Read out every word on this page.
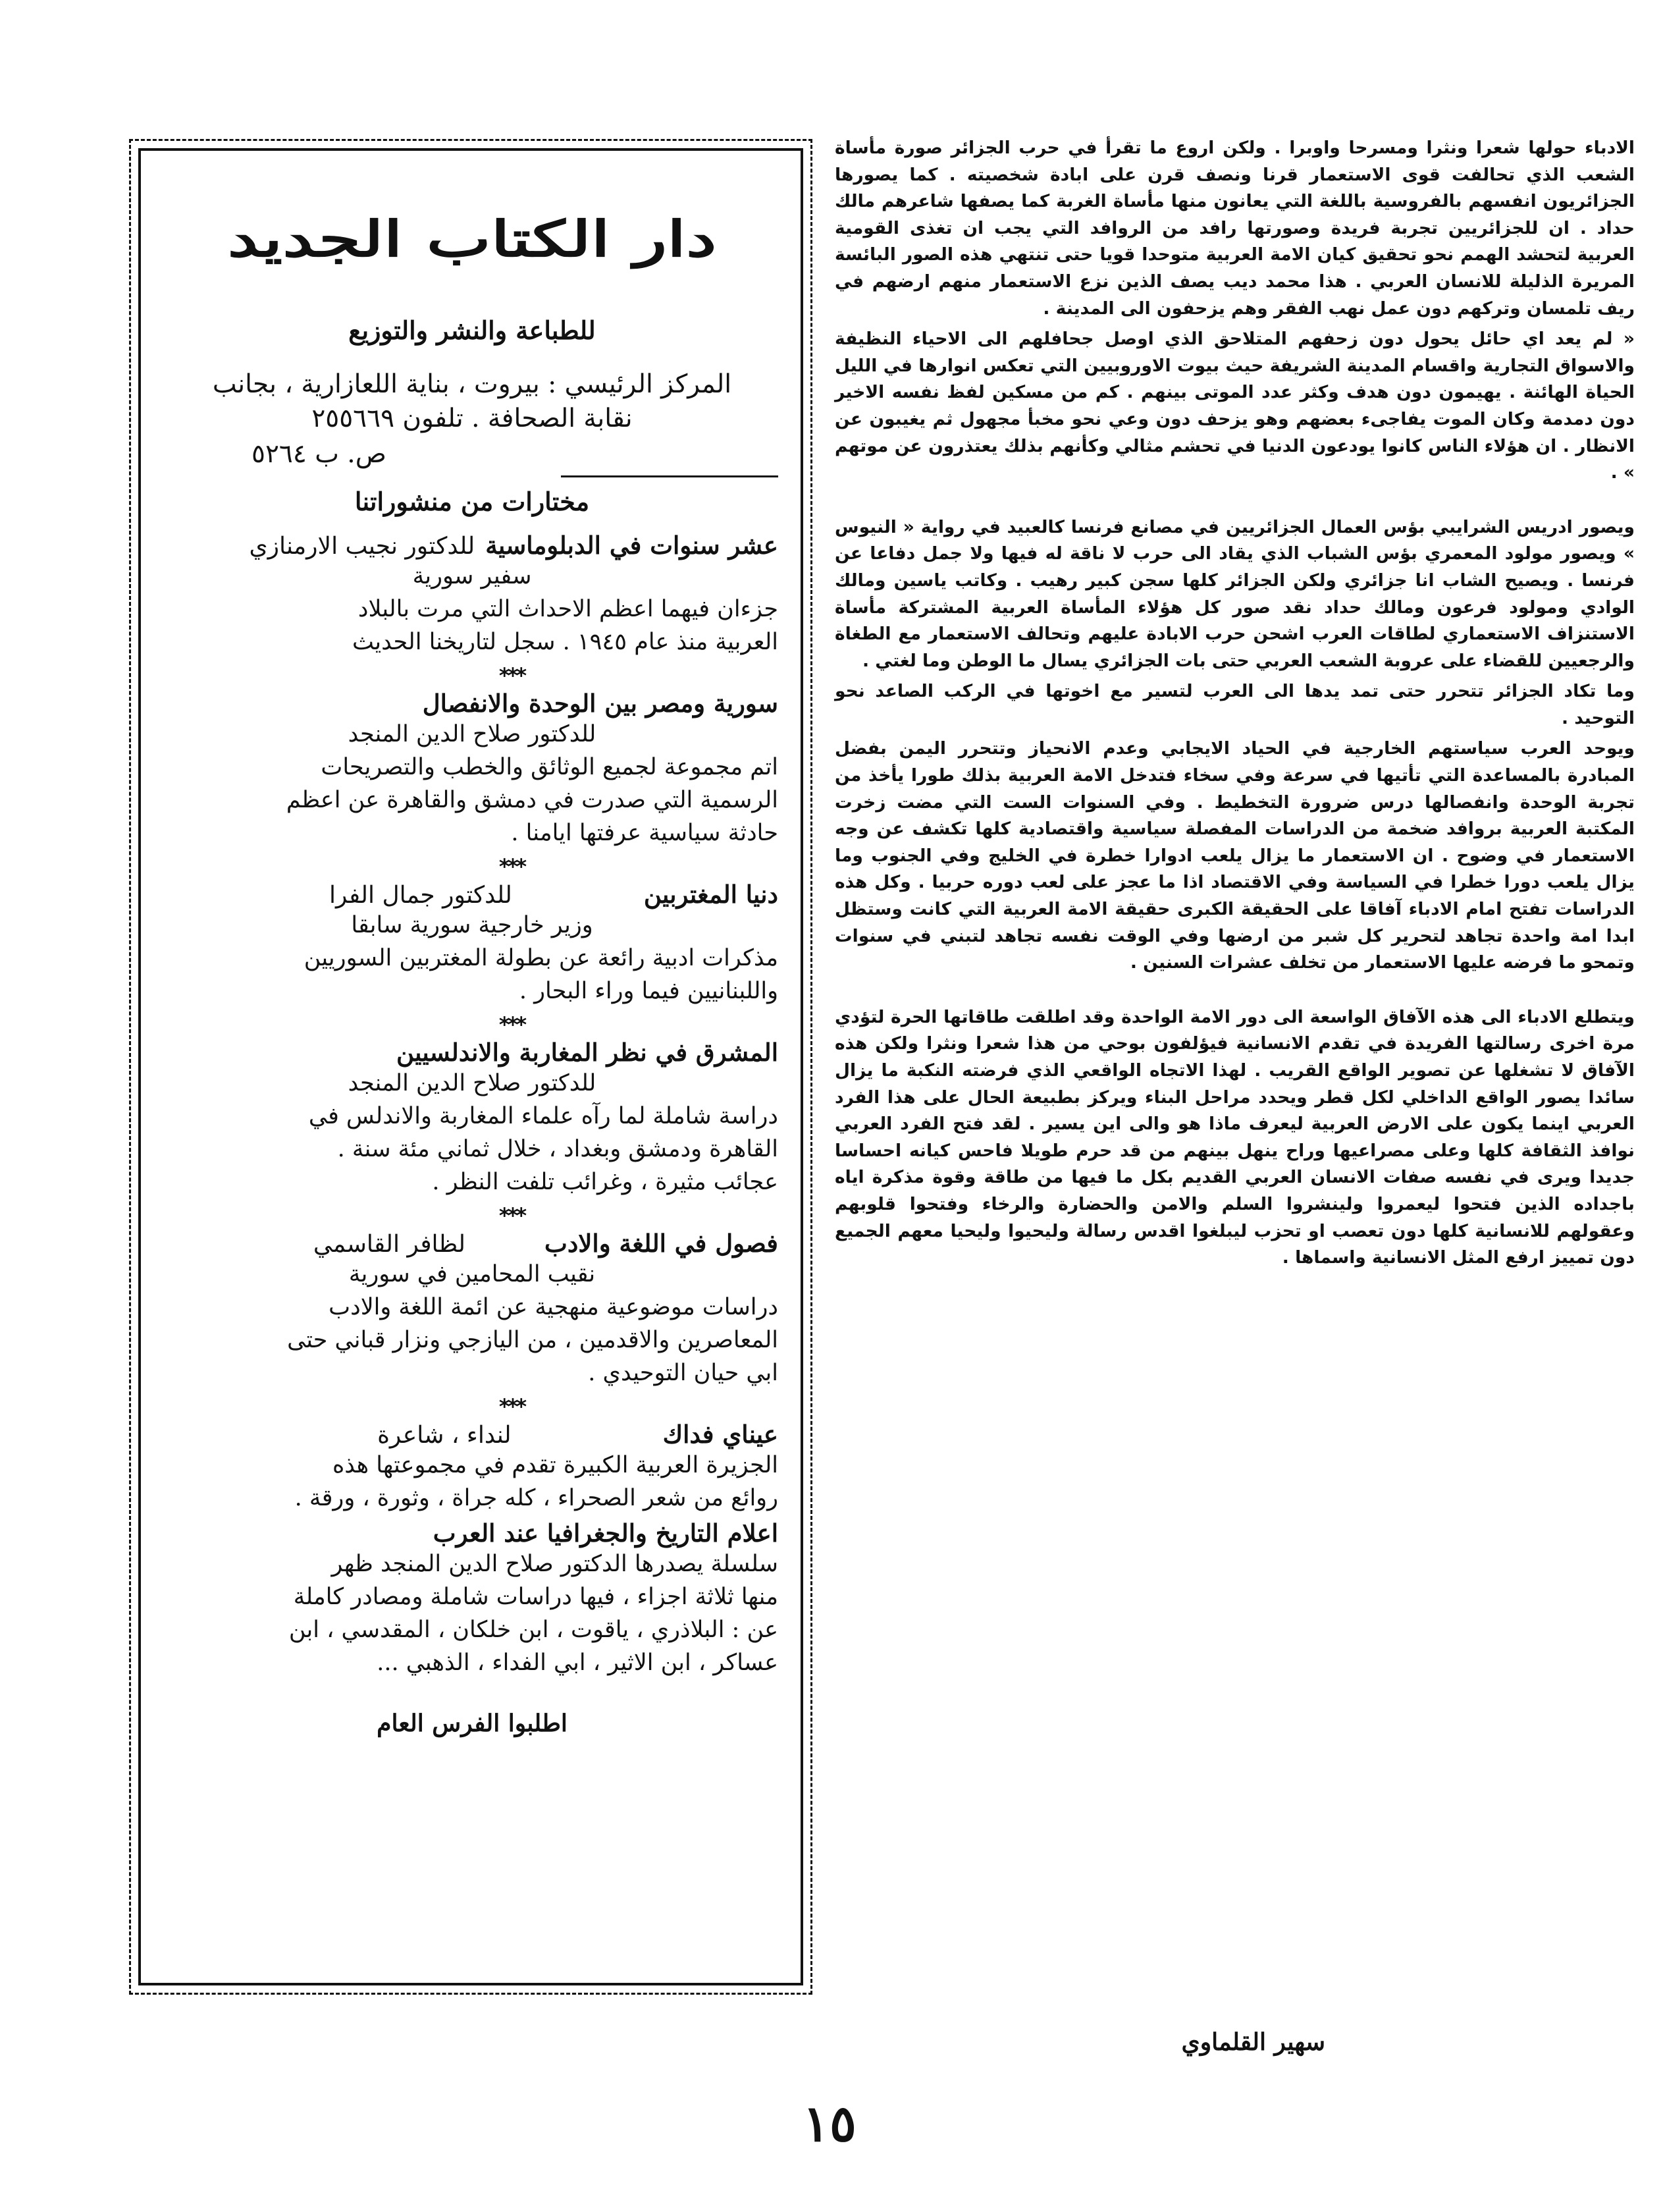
الادباء حولها شعرا ونثرا ومسرحا واوبرا . ولكن اروع ما تقرأ في حرب الجزائر صورة مأساة الشعب الذي تحالفت قوى الاستعمار قرنا ونصف قرن على ابادة شخصيته . كما يصورها الجزائريون انفسهم بالفروسية باللغة التي يعانون منها مأساة الغربة كما يصفها شاعرهم مالك حداد . ان للجزائريين تجربة فريدة وصورتها رافد من الروافد التي يجب ان تغذى القومية العربية لتحشد الهمم نحو تحقيق كيان الامة العربية متوحدا قويا حتى تنتهي هذه الصور البائسة المريرة الذليلة للانسان العربي . هذا محمد ديب يصف الذين نزع الاستعمار منهم ارضهم في ريف تلمسان وتركهم دون عمل نهب الفقر وهم يزحفون الى المدينة .

« لم يعد اي حائل يحول دون زحفهم المتلاحق الذي اوصل جحافلهم الى الاحياء النظيفة والاسواق التجارية واقسام المدينة الشريفة حيث بيوت الاوروبيين التي تعكس انوارها في الليل الحياة الهائنة . يهيمون دون هدف وكثر عدد الموتى بينهم . كم من مسكين لفظ نفسه الاخير دون دمدمة وكان الموت يفاجىء بعضهم وهو يزحف دون وعي نحو مخبأ مجهول ثم يغيبون عن الانظار . ان هؤلاء الناس كانوا يودعون الدنيا في تحشم مثالي وكأنهم بذلك يعتذرون عن موتهم » .

ويصور ادريس الشرايبي بؤس العمال الجزائريين في مصانع فرنسا كالعبيد في رواية « النيوس » ويصور مولود المعمري بؤس الشباب الذي يقاد الى حرب لا ناقة له فيها ولا جمل دفاعا عن فرنسا . ويصيح الشاب انا جزائري ولكن الجزائر كلها سجن كبير رهيب . وكاتب ياسين ومالك الوادي ومولود فرعون ومالك حداد نقد صور كل هؤلاء المأساة العربية المشتركة مأساة الاستنزاف الاستعماري لطاقات العرب اشحن حرب الابادة عليهم وتحالف الاستعمار مع الطغاة والرجعيين للقضاء على عروبة الشعب العربي حتى بات الجزائري يسال ما الوطن وما لغتي .

وما تكاد الجزائر تتحرر حتى تمد يدها الى العرب لتسير مع اخوتها في الركب الصاعد نحو التوحيد .

ويوحد العرب سياستهم الخارجية في الحياد الايجابي وعدم الانحياز وتتحرر اليمن بفضل المبادرة بالمساعدة التي تأتيها في سرعة وفي سخاء فتدخل الامة العربية بذلك طورا يأخذ من تجربة الوحدة وانفصالها درس ضرورة التخطيط . وفي السنوات الست التي مضت زخرت المكتبة العربية بروافد ضخمة من الدراسات المفصلة سياسية واقتصادية كلها تكشف عن وجه الاستعمار في وضوح . ان الاستعمار ما يزال يلعب ادوارا خطرة في الخليج وفي الجنوب وما يزال يلعب دورا خطرا في السياسة وفي الاقتصاد اذا ما عجز على لعب دوره حربيا . وكل هذه الدراسات تفتح امام الادباء آفاقا على الحقيقة الكبرى حقيقة الامة العربية التي كانت وستظل ابدا امة واحدة تجاهد لتحرير كل شبر من ارضها وفي الوقت نفسه تجاهد لتبني في سنوات وتمحو ما فرضه عليها الاستعمار من تخلف عشرات السنين .

ويتطلع الادباء الى هذه الآفاق الواسعة الى دور الامة الواحدة وقد اطلقت طاقاتها الحرة لتؤدي مرة اخرى رسالتها الفريدة في تقدم الانسانية فيؤلفون بوحي من هذا شعرا ونثرا ولكن هذه الآفاق لا تشغلها عن تصوير الواقع القريب . لهذا الاتجاه الواقعي الذي فرضته النكبة ما يزال سائدا يصور الواقع الداخلي لكل قطر ويحدد مراحل البناء ويركز بطبيعة الحال على هذا الفرد العربي اينما يكون على الارض العربية ليعرف ماذا هو والى اين يسير . لقد فتح الفرد العربي نوافذ الثقافة كلها وعلى مصراعيها وراح ينهل بينهم من قد حرم طويلا فاحس كيانه احساسا جديدا ويرى في نفسه صفات الانسان العربي القديم بكل ما فيها من طاقة وقوة مذكرة اياه باجداده الذين فتحوا ليعمروا ولينشروا السلم والامن والحضارة والرخاء وفتحوا قلوبهم وعقولهم للانسانية كلها دون تعصب او تحزب ليبلغوا اقدس رسالة وليحيوا وليحيا معهم الجميع دون تمييز ارفع المثل الانسانية واسماها .

سهير القلماوي
دار الكتاب الجديد
للطباعة والنشر والتوزيع
المركز الرئيسي : بيروت ، بناية اللعازارية ، بجانب
نقابة الصحافة . تلفون ٢٥٥٦٦٩
ص. ب ٥٢٦٤
مختارات من منشوراتنا
عشر سنوات في الدبلوماسية
للدكتور نجيب الارمنازي
سفير سورية
جزءان فيهما اعظم الاحداث التي مرت بالبلاد
العربية منذ عام ١٩٤٥ . سجل لتاريخنا الحديث
***
سورية ومصر بين الوحدة والانفصال
للدكتور صلاح الدين المنجد
اتم مجموعة لجميع الوثائق والخطب والتصريحات
الرسمية التي صدرت في دمشق والقاهرة عن اعظم
حادثة سياسية عرفتها ايامنا .
***
دنيا المغتربين
للدكتور جمال الفرا
وزير خارجية سورية سابقا
مذكرات ادبية رائعة عن بطولة المغتربين السوريين
واللبنانيين فيما وراء البحار .
***
المشرق في نظر المغاربة والاندلسيين
للدكتور صلاح الدين المنجد
دراسة شاملة لما رآه علماء المغاربة والاندلس في
القاهرة ودمشق وبغداد ، خلال ثماني مئة سنة .
عجائب مثيرة ، وغرائب تلفت النظر .
***
فصول في اللغة والادب
لظافر القاسمي
نقيب المحامين في سورية
دراسات موضوعية منهجية عن ائمة اللغة والادب
المعاصرين والاقدمين ، من اليازجي ونزار قباني حتى
ابي حيان التوحيدي .
***
عيناي فداك
لنداء ، شاعرة
الجزيرة العربية الكبيرة تقدم في مجموعتها هذه
روائع من شعر الصحراء ، كله جراة ، وثورة ، ورقة .
اعلام التاريخ والجغرافيا عند العرب
سلسلة يصدرها الدكتور صلاح الدين المنجد ظهر
منها ثلاثة اجزاء ، فيها دراسات شاملة ومصادر كاملة
عن : البلاذري ، ياقوت ، ابن خلكان ، المقدسي ، ابن
عساكر ، ابن الاثير ، ابي الفداء ، الذهبي ...
اطلبوا الفرس العام
١٥
